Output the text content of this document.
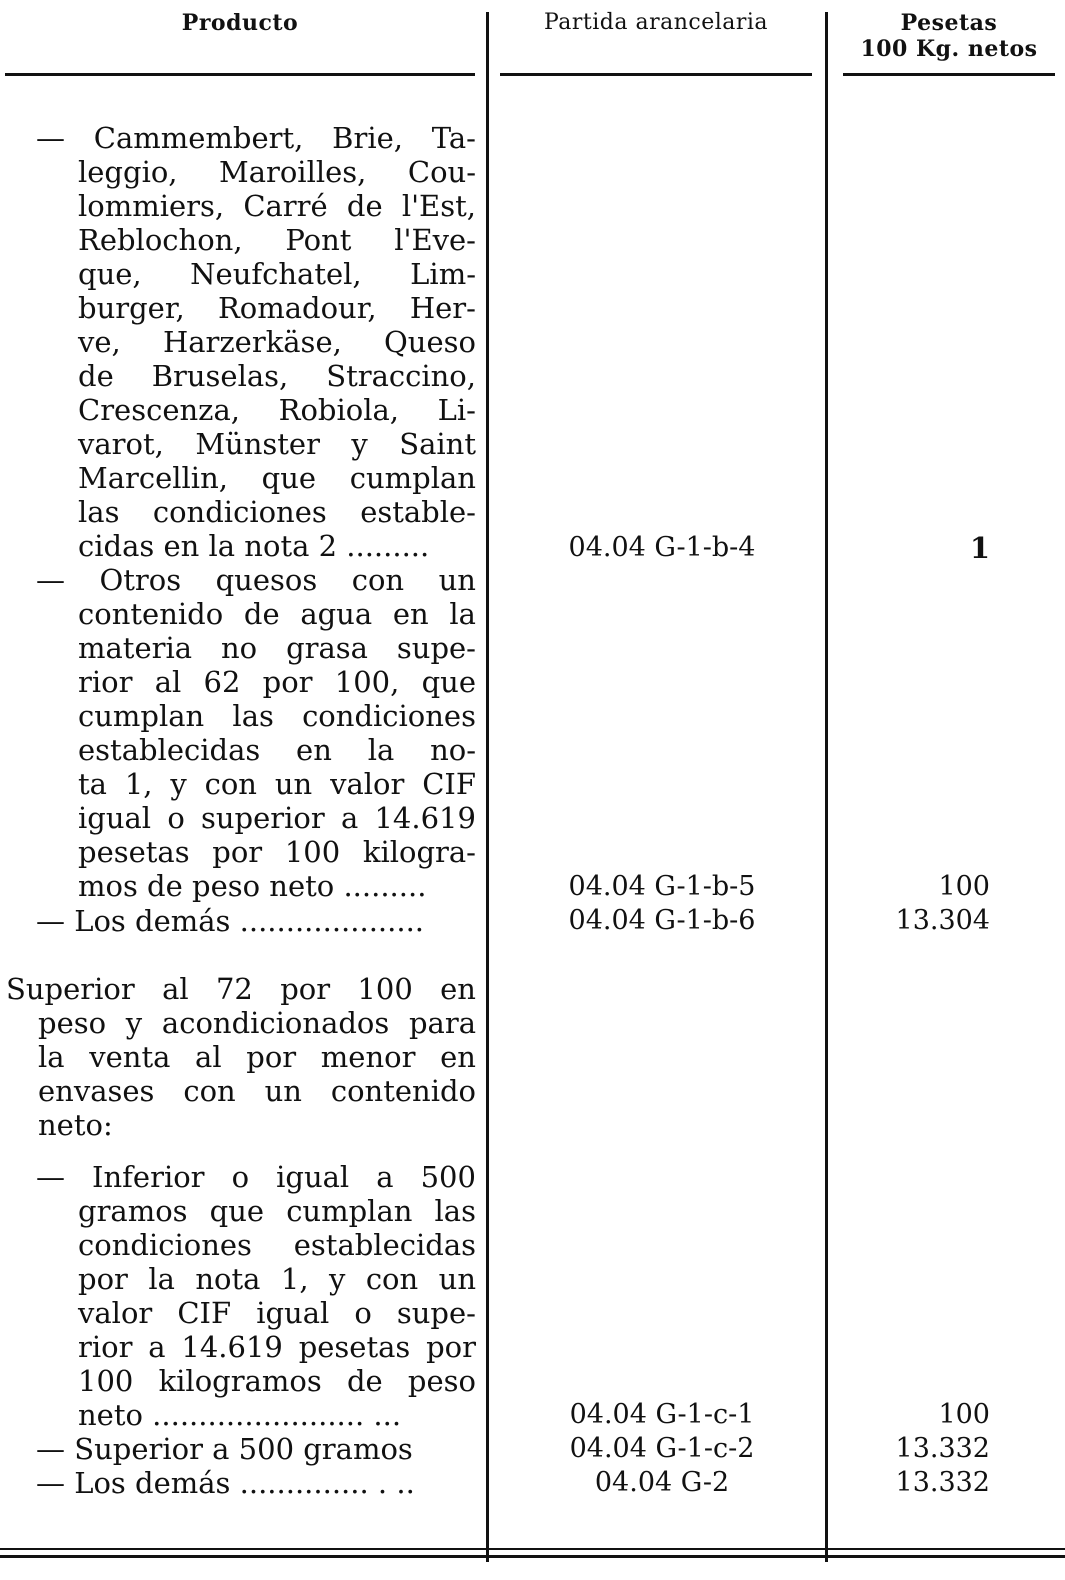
Producto	Partida arancelaria	Pesetas
100 Kg. netos
— Cammembert, Brie, Ta-
leggio, Maroilles, Cou-
lommiers, Carré de l'Est,
Reblochon, Pont l'Eve-
que, Neufchatel, Lim-
burger, Romadour, Her-
ve, Harzerkäse, Queso
de Bruselas, Straccino,
Crescenza, Robiola, Li-
varot, Münster y Saint
Marcellin, que cumplan
las condiciones estable-
cidas en la nota 2 .........	04.04 G-1-b-4	1
— Otros quesos con un
contenido de agua en la
materia no grasa supe-
rior al 62 por 100, que
cumplan las condiciones
establecidas en la no-
ta 1, y con un valor CIF
igual o superior a 14.619
pesetas por 100 kilogra-
mos de peso neto .........	04.04 G-1-b-5	100
— Los demás ....................	04.04 G-1-b-6	13.304
Superior al 72 por 100 en
peso y acondicionados para
la venta al por menor en
envases con un contenido
neto:
— Inferior o igual a 500
gramos que cumplan las
condiciones establecidas
por la nota 1, y con un
valor CIF igual o supe-
rior a 14.619 pesetas por
100 kilogramos de peso
neto ....................... ...	04.04 G-1-c-1	100
— Superior a 500 gramos	04.04 G-1-c-2	13.332
— Los demás .............. . ..	04.04 G-2	13.332
